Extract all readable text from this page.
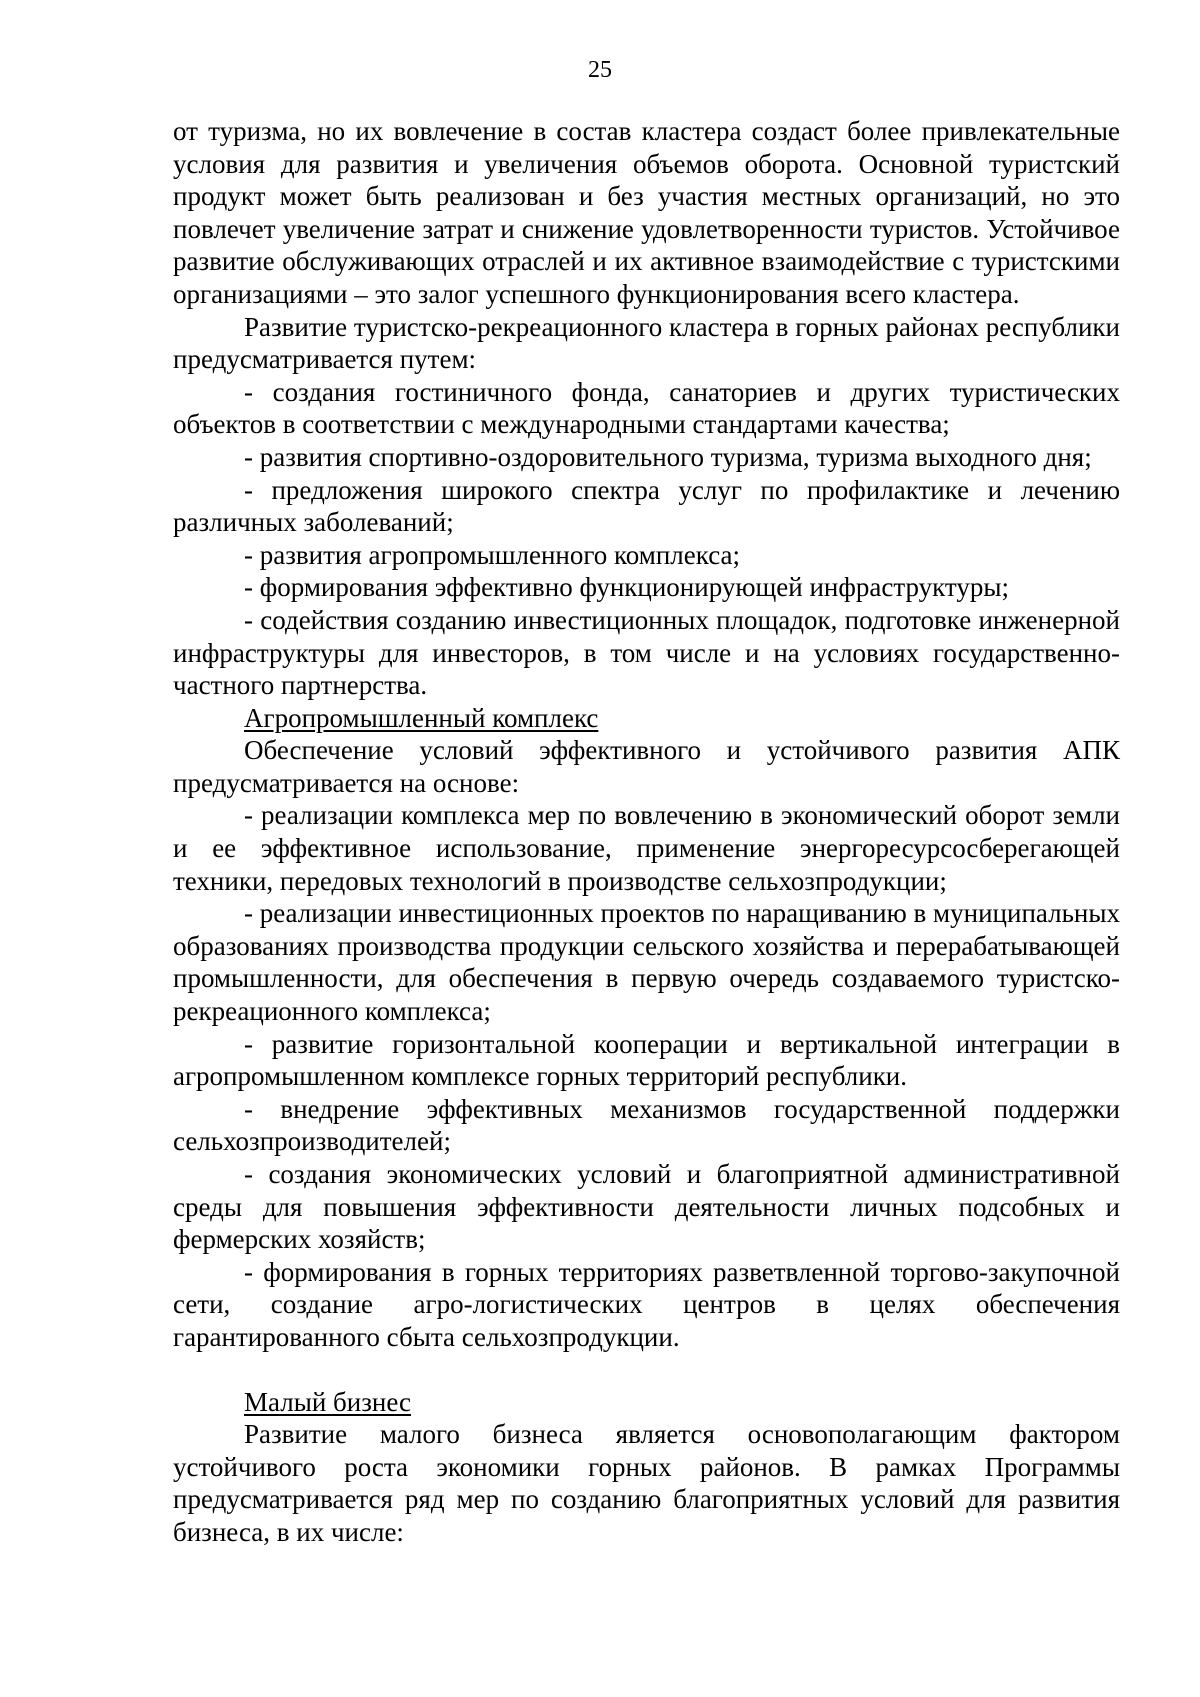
25

от туризма, но их вовлечение в состав кластера создаст более привлекательные условия для развития и увеличения объемов оборота. Основной туристский продукт может быть реализован и без участия местных организаций, но это повлечет увеличение затрат и снижение удовлетворенности туристов. Устойчивое развитие обслуживающих отраслей и их активное взаимодействие с туристскими организациями – это залог успешного функционирования всего кластера.

Развитие туристско-рекреационного кластера в горных районах республики предусматривается путем:

- создания гостиничного фонда, санаториев и других туристических объектов в соответствии с международными стандартами качества;

- развития спортивно-оздоровительного туризма, туризма выходного дня;

- предложения широкого спектра услуг по профилактике и лечению различных заболеваний;

- развития агропромышленного комплекса;

- формирования эффективно функционирующей инфраструктуры;

- содействия созданию инвестиционных площадок, подготовке инженерной инфраструктуры для инвесторов, в том числе и на условиях государственно-частного партнерства.

Агропромышленный комплекс

Обеспечение условий эффективного и устойчивого развития АПК предусматривается на основе:

- реализации комплекса мер по вовлечению в экономический оборот земли и ее эффективное использование, применение энергоресурсосберегающей техники, передовых технологий в производстве сельхозпродукции;

- реализации инвестиционных проектов по наращиванию в муниципальных образованиях производства продукции сельского хозяйства и перерабатывающей промышленности, для обеспечения в первую очередь создаваемого туристско-рекреационного комплекса;

- развитие горизонтальной кооперации и вертикальной интеграции в агропромышленном комплексе горных территорий республики.

- внедрение эффективных механизмов государственной поддержки сельхозпроизводителей;

- создания экономических условий и благоприятной административной среды для повышения эффективности деятельности личных подсобных и фермерских хозяйств;

- формирования в горных территориях разветвленной торгово-закупочной сети, создание агро-логистических центров в целях обеспечения гарантированного сбыта сельхозпродукции.

Малый бизнес

Развитие малого бизнеса является основополагающим фактором устойчивого роста экономики горных районов. В рамках Программы предусматривается ряд мер по созданию благоприятных условий для развития бизнеса, в их числе:
